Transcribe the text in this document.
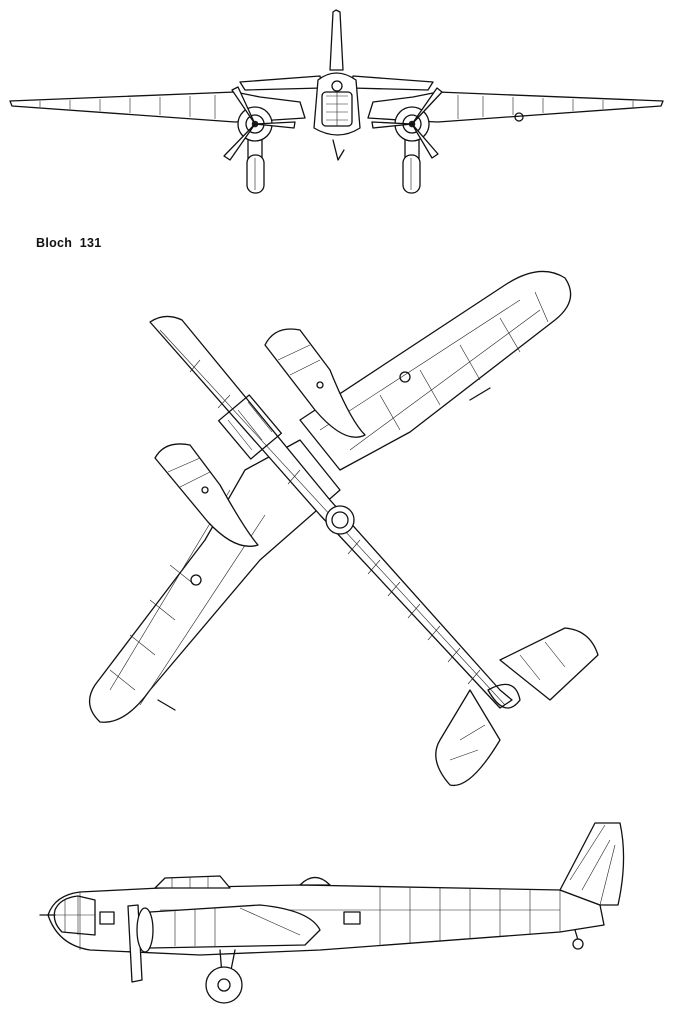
Bloch  131
